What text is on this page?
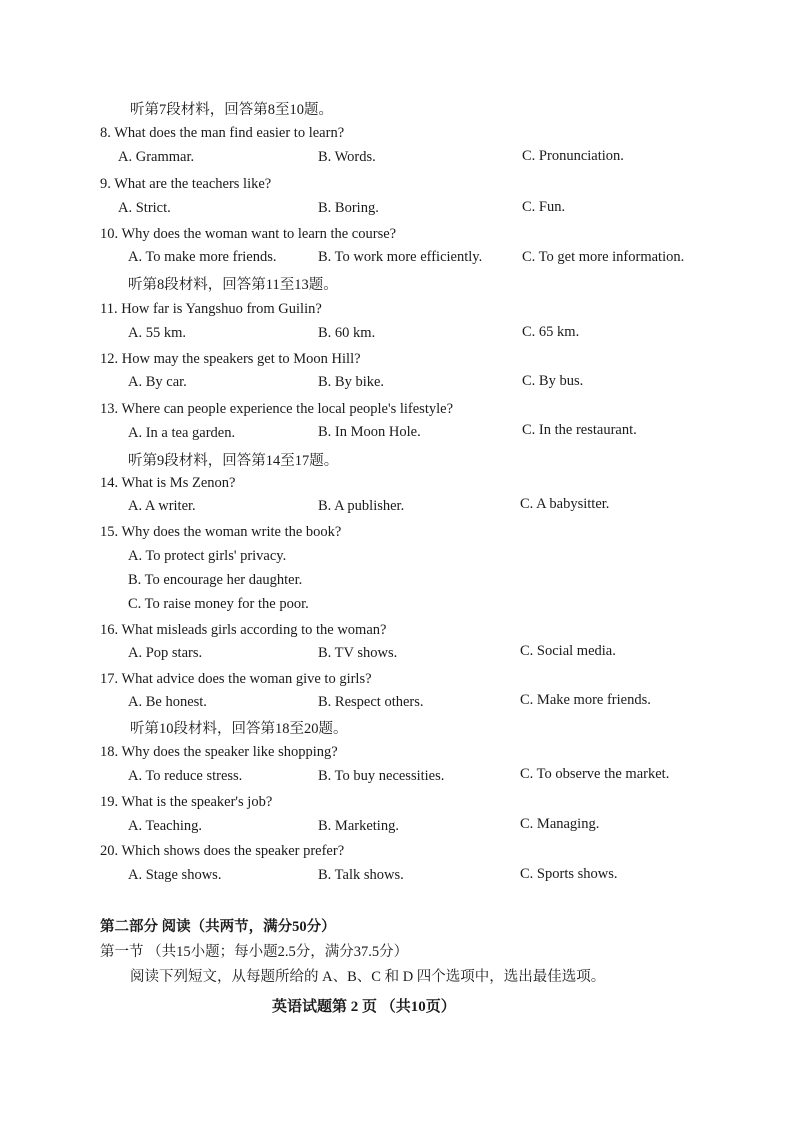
听第7段材料，回答第8至10题。
8. What does the man find easier to learn?
A. Grammar.	B. Words.	C. Pronunciation.
9. What are the teachers like?
A. Strict.	B. Boring.	C. Fun.
10. Why does the woman want to learn the course?
A. To make more friends.	B. To work more efficiently.	C. To get more information.
听第8段材料，回答第11至13题。
11. How far is Yangshuo from Guilin?
A. 55 km.	B. 60 km.	C. 65 km.
12. How may the speakers get to Moon Hill?
A. By car.	B. By bike.	C. By bus.
13. Where can people experience the local people's lifestyle?
A. In a tea garden.	B. In Moon Hole.	C. In the restaurant.
听第9段材料，回答第14至17题。
14. What is Ms Zenon?
A. A writer.	B. A publisher.	C. A babysitter.
15. Why does the woman write the book?
A. To protect girls' privacy.
B. To encourage her daughter.
C. To raise money for the poor.
16. What misleads girls according to the woman?
A. Pop stars.	B. TV shows.	C. Social media.
17. What advice does the woman give to girls?
A. Be honest.	B. Respect others.	C. Make more friends.
听第10段材料，回答第18至20题。
18. Why does the speaker like shopping?
A. To reduce stress.	B. To buy necessities.	C. To observe the market.
19. What is the speaker's job?
A. Teaching.	B. Marketing.	C. Managing.
20. Which shows does the speaker prefer?
A. Stage shows.	B. Talk shows.	C. Sports shows.
第二部分 阅读（共两节，满分50分）
第一节 （共15小题；每小题2.5分，满分37.5分）
阅读下列短文，从每题所给的 A、B、C 和 D 四个选项中，选出最佳选项。
英语试题第 2 页 （共10页）
